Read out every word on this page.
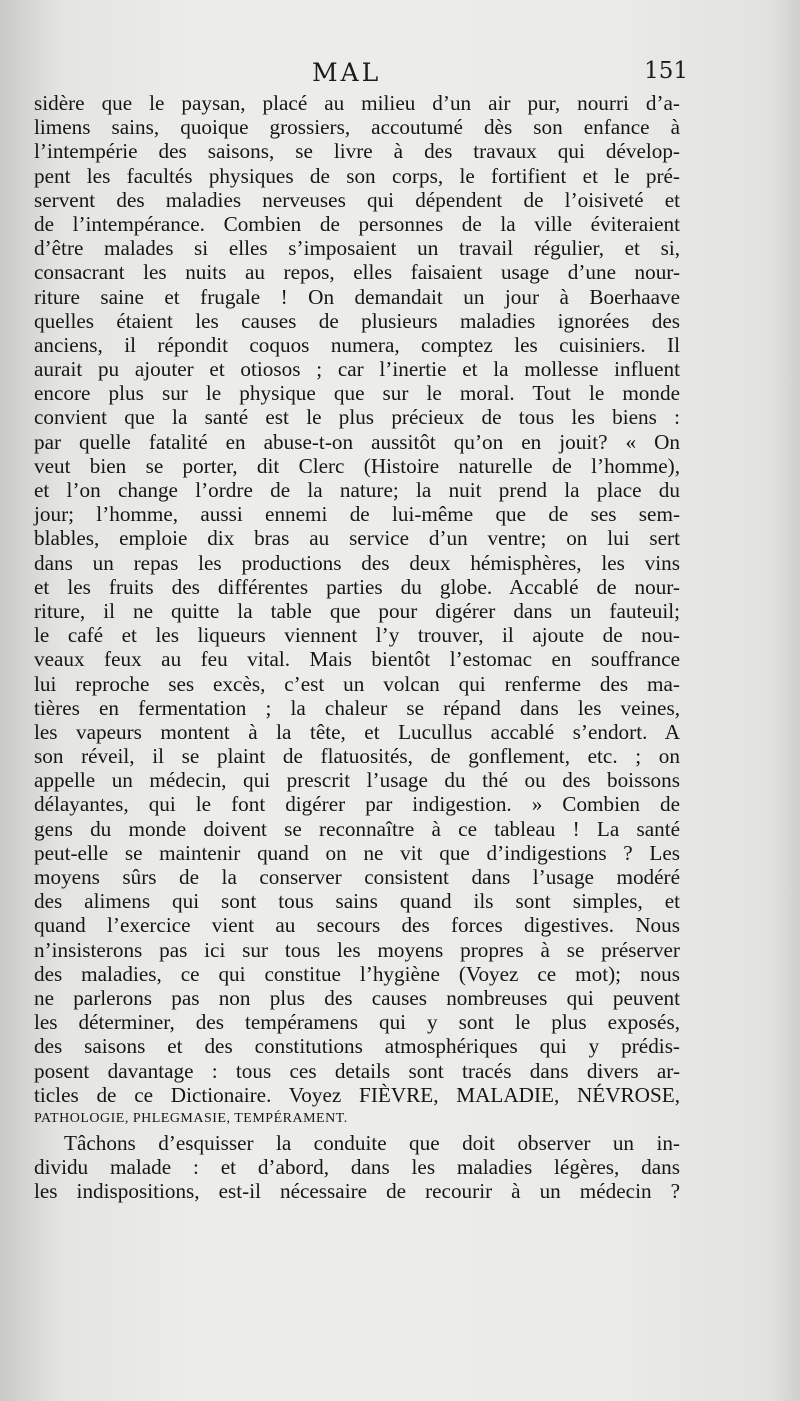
MAL	151
sidère que le paysan, placé au milieu d’un air pur, nourri d’a-
limens sains, quoique grossiers, accoutumé dès son enfance à
l’intempérie des saisons, se livre à des travaux qui dévelop-
pent les facultés physiques de son corps, le fortifient et le pré-
servent des maladies nerveuses qui dépendent de l’oisiveté et
de l’intempérance. Combien de personnes de la ville éviteraient
d’être malades si elles s’imposaient un travail régulier, et si,
consacrant les nuits au repos, elles faisaient usage d’une nour-
riture saine et frugale ! On demandait un jour à Boerhaave
quelles étaient les causes de plusieurs maladies ignorées des
anciens, il répondit coquos numera, comptez les cuisiniers. Il
aurait pu ajouter et otiosos ; car l’inertie et la mollesse influent
encore plus sur le physique que sur le moral. Tout le monde
convient que la santé est le plus précieux de tous les biens :
par quelle fatalité en abuse-t-on aussitôt qu’on en jouit? « On
veut bien se porter, dit Clerc (Histoire naturelle de l’homme),
et l’on change l’ordre de la nature; la nuit prend la place du
jour; l’homme, aussi ennemi de lui-même que de ses sem-
blables, emploie dix bras au service d’un ventre; on lui sert
dans un repas les productions des deux hémisphères, les vins
et les fruits des différentes parties du globe. Accablé de nour-
riture, il ne quitte la table que pour digérer dans un fauteuil;
le café et les liqueurs viennent l’y trouver, il ajoute de nou-
veaux feux au feu vital. Mais bientôt l’estomac en souffrance
lui reproche ses excès, c’est un volcan qui renferme des ma-
tières en fermentation ; la chaleur se répand dans les veines,
les vapeurs montent à la tête, et Lucullus accablé s’endort. A
son réveil, il se plaint de flatuosités, de gonflement, etc. ; on
appelle un médecin, qui prescrit l’usage du thé ou des boissons
délayantes, qui le font digérer par indigestion. » Combien de
gens du monde doivent se reconnaître à ce tableau ! La santé
peut-elle se maintenir quand on ne vit que d’indigestions ? Les
moyens sûrs de la conserver consistent dans l’usage modéré
des alimens qui sont tous sains quand ils sont simples, et
quand l’exercice vient au secours des forces digestives. Nous
n’insisterons pas ici sur tous les moyens propres à se préserver
des maladies, ce qui constitue l’hygiène (Voyez ce mot); nous
ne parlerons pas non plus des causes nombreuses qui peuvent
les déterminer, des tempéramens qui y sont le plus exposés,
des saisons et des constitutions atmosphériques qui y prédis-
posent davantage : tous ces details sont tracés dans divers ar-
ticles de ce Dictionaire. Voyez FIÈVRE, MALADIE, NÉVROSE,
PATHOLOGIE, PHLEGMASIE, TEMPÉRAMENT.
Tâchons d’esquisser la conduite que doit observer un in-
dividu malade : et d’abord, dans les maladies légères, dans
les indispositions, est-il nécessaire de recourir à un médecin ?
